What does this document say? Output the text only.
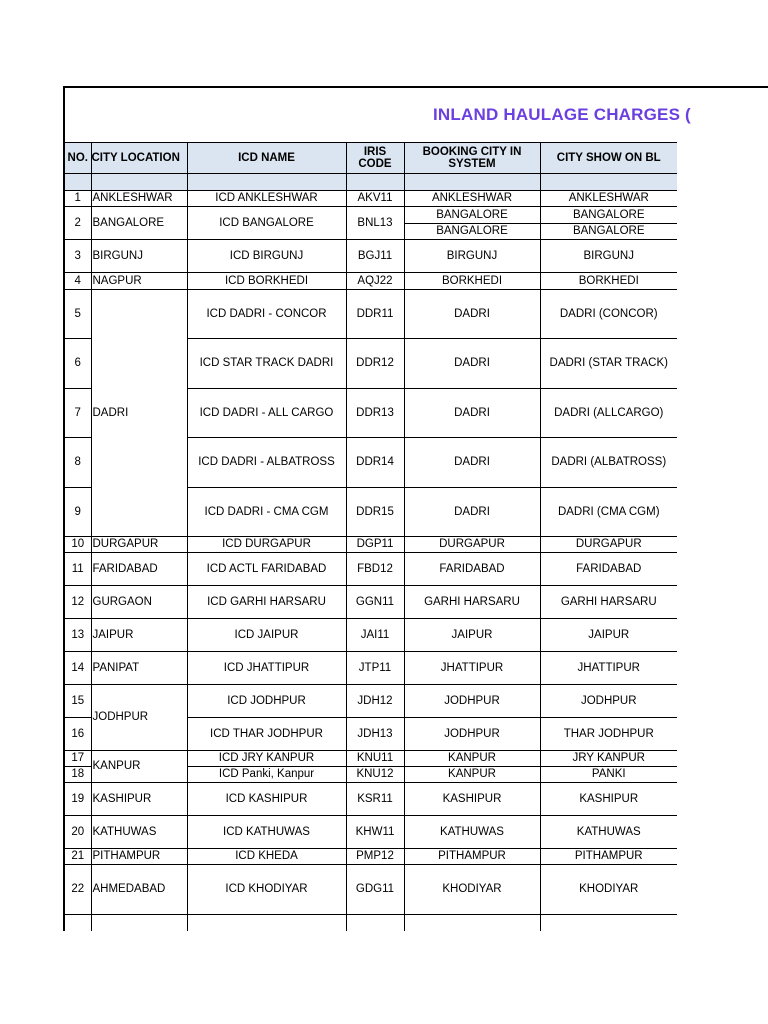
INLAND HAULAGE CHARGES (
NO.	CITY LOCATION	ICD NAME	IRIS CODE	BOOKING CITY IN SYSTEM	CITY SHOW ON BL

1	ANKLESHWAR	ICD ANKLESHWAR	AKV11	ANKLESHWAR	ANKLESHWAR
2	BANGALORE	ICD BANGALORE	BNL13	BANGALORE	BANGALORE
				BANGALORE	BANGALORE
3	BIRGUNJ	ICD BIRGUNJ	BGJ11	BIRGUNJ	BIRGUNJ
4	NAGPUR	ICD BORKHEDI	AQJ22	BORKHEDI	BORKHEDI
5	DADRI	ICD DADRI - CONCOR	DDR11	DADRI	DADRI (CONCOR)
6		ICD STAR TRACK DADRI	DDR12	DADRI	DADRI (STAR TRACK)
7		ICD DADRI - ALL CARGO	DDR13	DADRI	DADRI (ALLCARGO)
8		ICD DADRI - ALBATROSS	DDR14	DADRI	DADRI (ALBATROSS)
9		ICD DADRI - CMA CGM	DDR15	DADRI	DADRI (CMA CGM)
10	DURGAPUR	ICD DURGAPUR	DGP11	DURGAPUR	DURGAPUR
11	FARIDABAD	ICD ACTL FARIDABAD	FBD12	FARIDABAD	FARIDABAD
12	GURGAON	ICD GARHI HARSARU	GGN11	GARHI HARSARU	GARHI HARSARU
13	JAIPUR	ICD JAIPUR	JAI11	JAIPUR	JAIPUR
14	PANIPAT	ICD JHATTIPUR	JTP11	JHATTIPUR	JHATTIPUR
15	JODHPUR	ICD JODHPUR	JDH12	JODHPUR	JODHPUR
16		ICD THAR JODHPUR	JDH13	JODHPUR	THAR JODHPUR
17	KANPUR	ICD JRY KANPUR	KNU11	KANPUR	JRY KANPUR
18		ICD Panki, Kanpur	KNU12	KANPUR	PANKI
19	KASHIPUR	ICD KASHIPUR	KSR11	KASHIPUR	KASHIPUR
20	KATHUWAS	ICD KATHUWAS	KHW11	KATHUWAS	KATHUWAS
21	PITHAMPUR	ICD KHEDA	PMP12	PITHAMPUR	PITHAMPUR
22	AHMEDABAD	ICD KHODIYAR	GDG11	KHODIYAR	KHODIYAR
